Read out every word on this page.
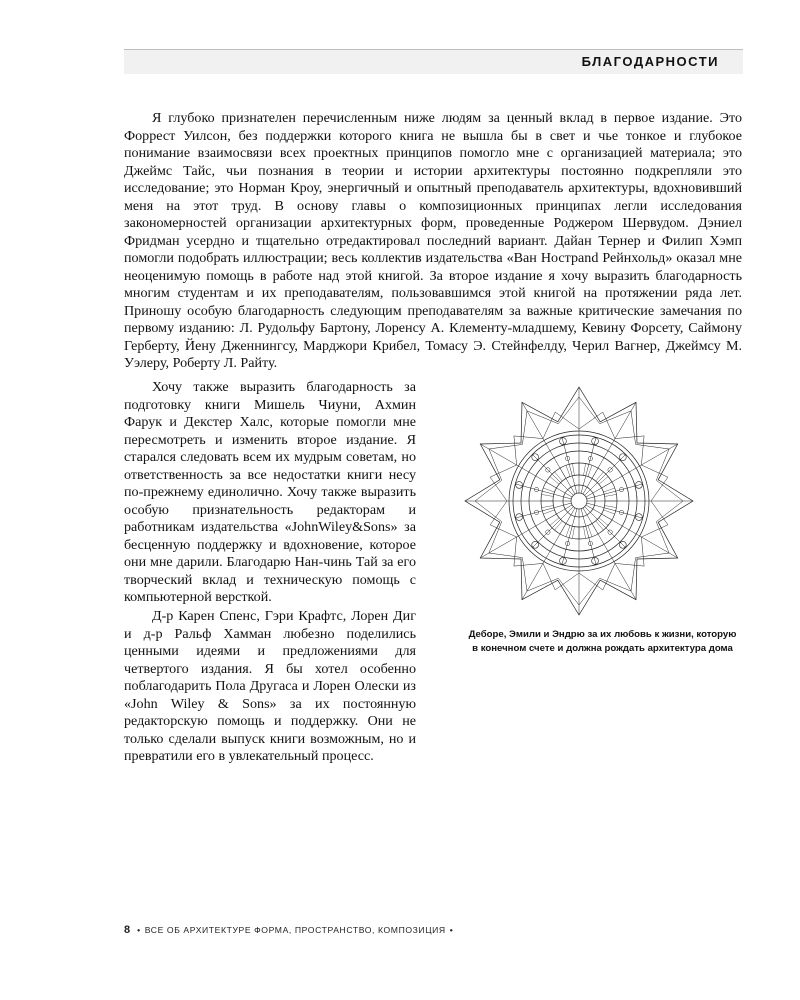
БЛАГОДАРНОСТИ

Я глубоко признателен перечисленным ниже людям за ценный вклад в первое издание. Это Форрест Уилсон, без поддержки которого книга не вышла бы в свет и чье тонкое и глубокое понимание взаимосвязи всех проектных принципов помогло мне с организацией материала; это Джеймс Тайс, чьи познания в теории и истории архитектуры постоянно подкрепляли это исследование; это Норман Кроу, энергичный и опытный преподаватель архитектуры, вдохновивший меня на этот труд. В основу главы о композиционных принципах легли исследования закономерностей организации архитектурных форм, проведенные Роджером Шервудом. Дэниел Фридман усердно и тщательно отредактировал последний вариант. Дайан Тернер и Филип Хэмп помогли подобрать иллюстрации; весь коллектив издательства «Ван Нострand Рейнхольд» оказал мне неоценимую помощь в работе над этой книгой. За второе издание я хочу выразить благодарность многим студентам и их преподавателям, пользовавшимся этой книгой на протяжении ряда лет. Приношу особую благодарность следующим преподавателям за важные критические замечания по первому изданию: Л. Рудольфу Бартону, Лоренсу А. Клементу-младшему, Кевину Форсету, Саймону Герберту, Йену Дженнингсу, Марджори Крибел, Томасу Э. Стейнфелду, Черил Вагнер, Джеймсу М. Уэлеру, Роберту Л. Райту.

Хочу также выразить благодарность за подготовку книги Мишель Чиуни, Ахмин Фарук и Декстер Халс, которые помогли мне пересмотреть и изменить второе издание. Я старался следовать всем их мудрым советам, но ответственность за все недостатки книги несу по-прежнему единолично. Хочу также выразить особую признательность редакторам и работникам издательства «JohnWiley&Sons» за бесценную поддержку и вдохновение, которое они мне дарили. Благодарю Нан-чинь Тай за его творческий вклад и техническую помощь с компьютерной версткой.

Д-р Карен Спенс, Гэри Крафтс, Лорен Диг и д-р Ральф Хамман любезно поделились ценными идеями и предложениями для четвертого издания. Я бы хотел особенно поблагодарить Пола Другаса и Лорен Олески из «John Wiley & Sons» за их постоянную редакторскую помощь и поддержку. Они не только сделали выпуск книги возможным, но и превратили его в увлекательный процесс.

Деборе, Эмили и Эндрю за их любовь к жизни, которую в конечном счете и должна рождать архитектура дома

8 • ВСЕ ОБ АРХИТЕКТУРЕ ФОРМА, ПРОСТРАНСТВО, КОМПОЗИЦИЯ •
